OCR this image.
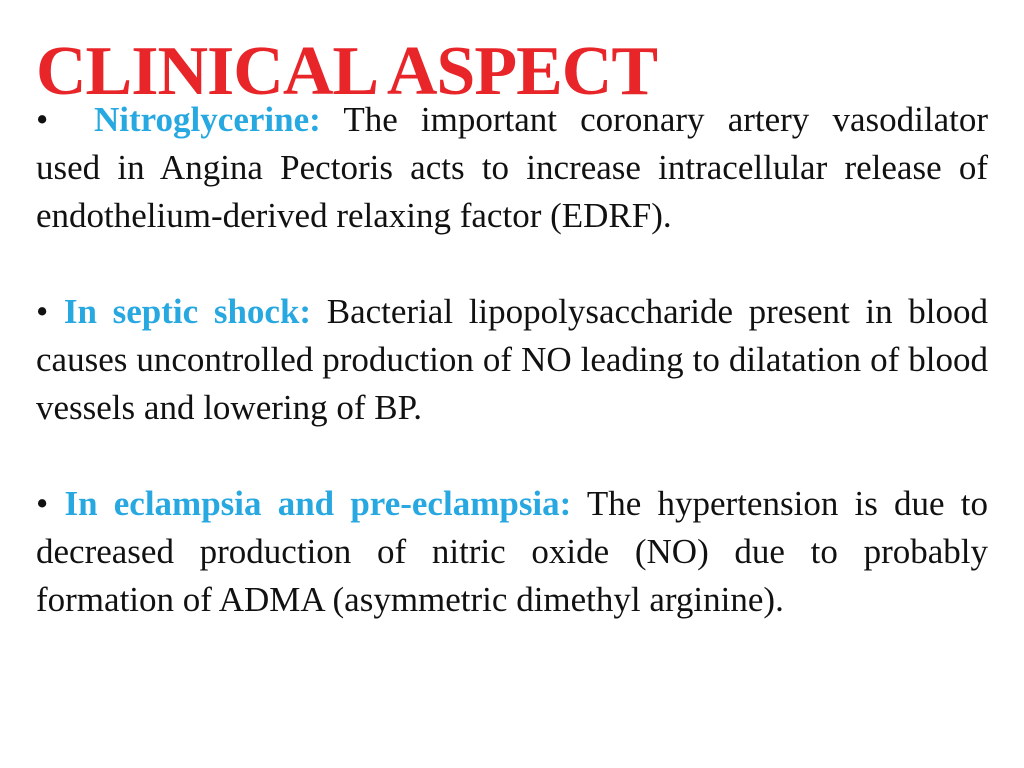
CLINICAL ASPECT

• Nitroglycerine: The important coronary artery vasodilator used in Angina Pectoris acts to increase intracellular release of endothelium-derived relaxing factor (EDRF).

• In septic shock: Bacterial lipopolysaccharide present in blood causes uncontrolled production of NO leading to dilatation of blood vessels and lowering of BP.

• In eclampsia and pre-eclampsia: The hypertension is due to decreased production of nitric oxide (NO) due to probably formation of ADMA (asymmetric dimethyl arginine).
